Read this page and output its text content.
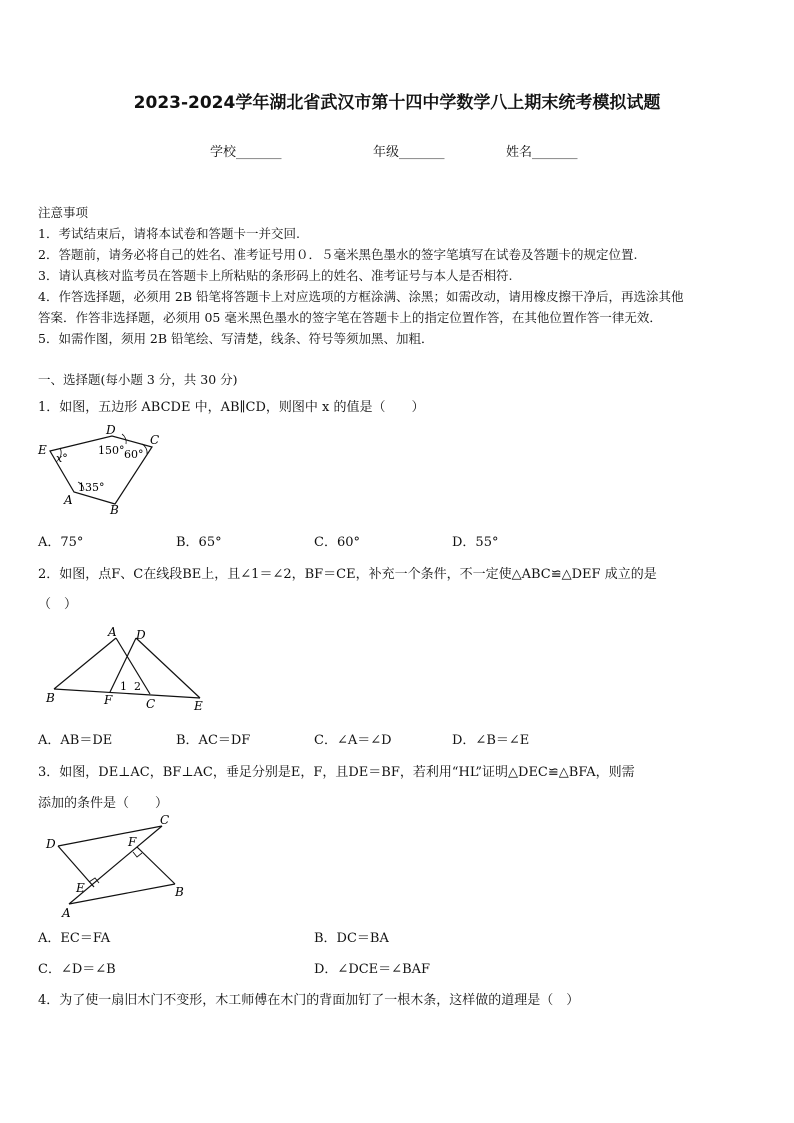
2023-2024学年湖北省武汉市第十四中学数学八上期末统考模拟试题
学校_______	年级_______	姓名_______
注意事项
1．考试结束后，请将本试卷和答题卡一并交回.
2．答题前，请务必将自己的姓名、准考证号用０．５毫米黑色墨水的签字笔填写在试卷及答题卡的规定位置.
3．请认真核对监考员在答题卡上所粘贴的条形码上的姓名、准考证号与本人是否相符.
4．作答选择题，必须用 2B 铅笔将答题卡上对应选项的方框涂满、涂黑；如需改动，请用橡皮擦干净后，再选涂其他
答案．作答非选择题，必须用 05 毫米黑色墨水的签字笔在答题卡上的指定位置作答，在其他位置作答一律无效．
5．如需作图，须用 2B 铅笔绘、写清楚，线条、符号等须加黑、加粗．
一、选择题(每小题 3 分，共 30 分)
1．如图，五边形 ABCDE 中，AB∥CD，则图中 x 的值是（　　）
E
x°
D
150° 60°
C
135°
A
B
A．75°	B．65°	C．60°	D．55°
2．如图，点F、C在线段BE上，且∠1＝∠2，BF＝CE，补充一个条件，不一定使△ABC≌△DEF 成立的是
（　）
A D
B	F	C	E
1 2
A．AB＝DE	B．AC＝DF	C．∠A＝∠D	D．∠B＝∠E
3．如图，DE⊥AC，BF⊥AC，垂足分别是E，F，且DE＝BF，若利用“HL”证明△DEC≌△BFA，则需
添加的条件是（　　）
D
C
F
E
A
B
A．EC＝FA	B．DC＝BA
C．∠D＝∠B	D．∠DCE＝∠BAF
4．为了使一扇旧木门不变形，木工师傅在木门的背面加钉了一根木条，这样做的道理是（　）
